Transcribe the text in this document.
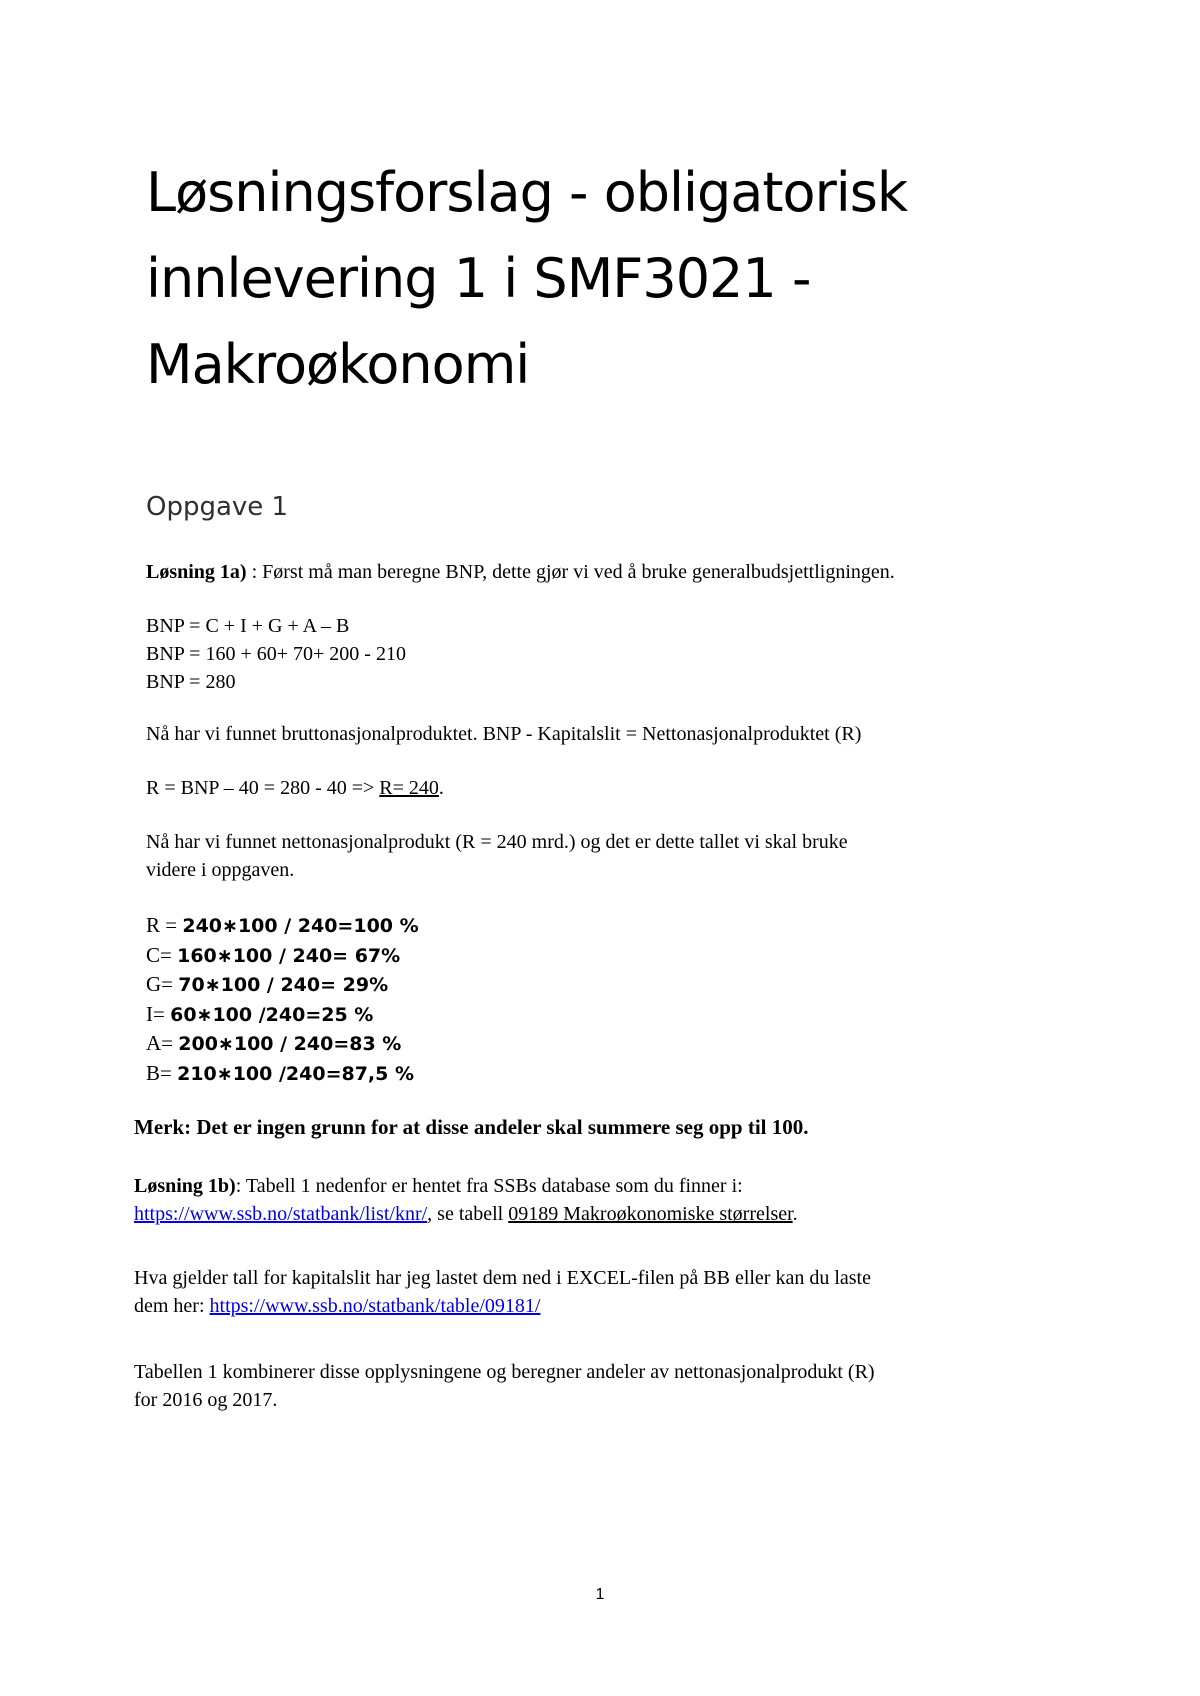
Løsningsforslag - obligatorisk innlevering 1 i SMF3021 - Makroøkonomi
Oppgave 1

Løsning 1a) : Først må man beregne BNP, dette gjør vi ved å bruke generalbudsjettligningen.

BNP = C + I + G + A – B
BNP = 160 + 60+ 70+ 200 - 210
BNP = 280

Nå har vi funnet bruttonasjonalproduktet. BNP - Kapitalslit = Nettonasjonalproduktet (R)

R = BNP – 40 = 280 - 40 => R= 240.

Nå har vi funnet nettonasjonalprodukt (R = 240 mrd.) og det er dette tallet vi skal bruke
videre i oppgaven.
R = 240∗100 / 240=100 %
C= 160∗100 / 240= 67%
G= 70∗100 / 240= 29%
I= 60∗100 /240=25 %
A= 200∗100 / 240=83 %
B= 210∗100 /240=87,5 %

Merk: Det er ingen grunn for at disse andeler skal summere seg opp til 100.

Løsning 1b): Tabell 1 nedenfor er hentet fra SSBs database som du finner i:
https://www.ssb.no/statbank/list/knr/, se tabell 09189 Makroøkonomiske størrelser.
Hva gjelder tall for kapitalslit har jeg lastet dem ned i EXCEL-filen på BB eller kan du laste
dem her: https://www.ssb.no/statbank/table/09181/
Tabellen 1 kombinerer disse opplysningene og beregner andeler av nettonasjonalprodukt (R)
for 2016 og 2017.
1
